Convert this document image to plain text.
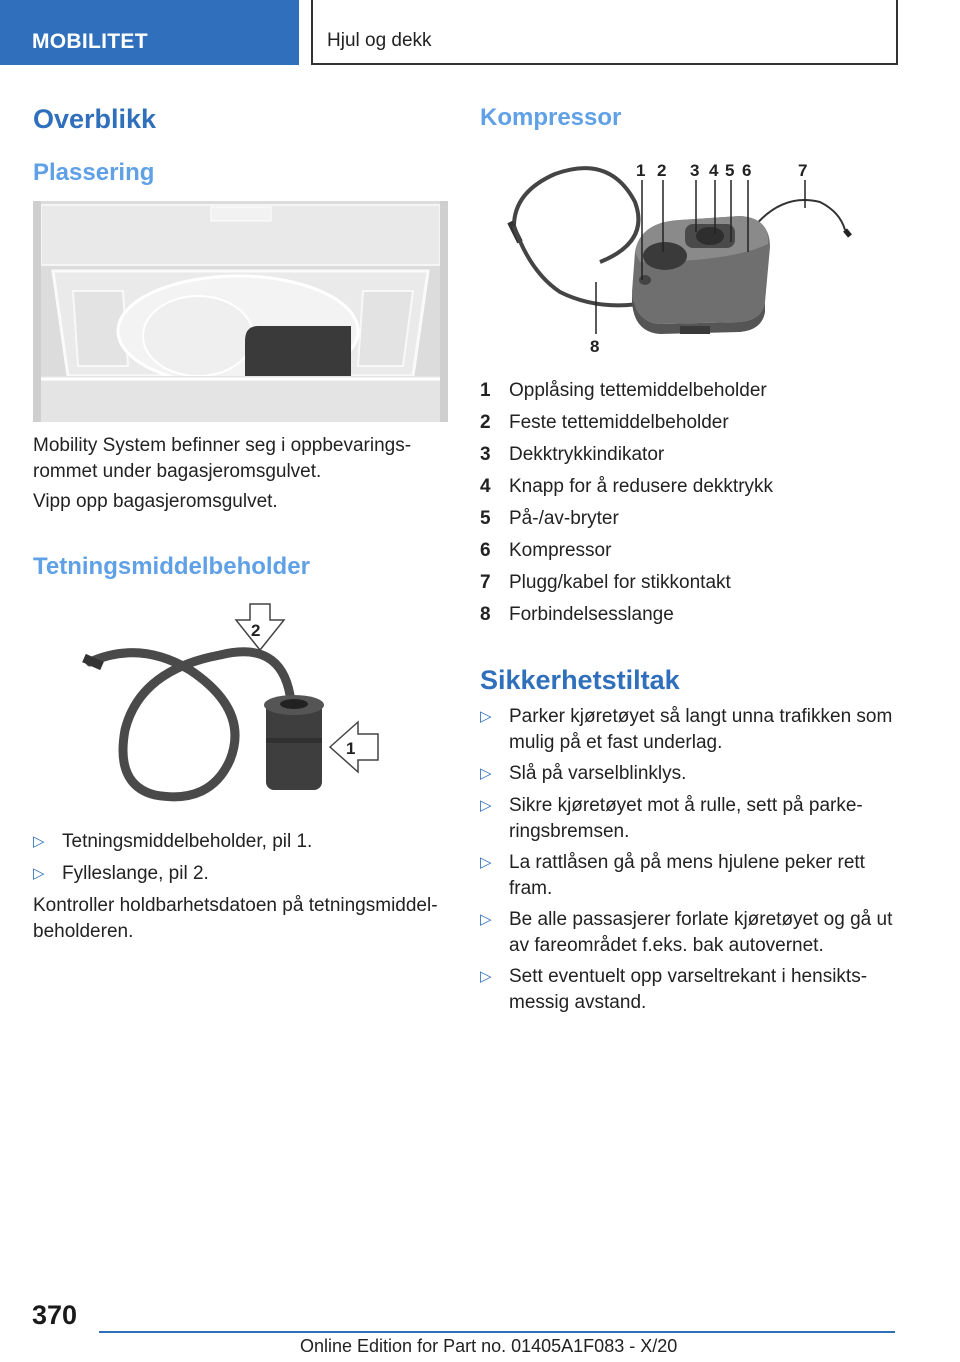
MOBILITET	Hjul og dekk
Overblikk
Plassering

Mobility System befinner seg i oppbevarings-
rommet under bagasjeromsgulvet.

Vipp opp bagasjeromsgulvet.

Tetningsmiddelbeholder
2
1
▷ Tetningsmiddelbeholder, pil 1.
▷ Fylleslange, pil 2.

Kontroller holdbarhetsdatoen på tetningsmiddel-
beholderen.

Kompressor
1 2 3 4 5 6	7
8
1 Opplåsing tettemiddelbeholder
2 Feste tettemiddelbeholder
3 Dekktrykkindikator
4 Knapp for å redusere dekktrykk
5 På-/av-bryter
6 Kompressor
7 Plugg/kabel for stikkontakt
8 Forbindelsesslange
Sikkerhetstiltak
▷ Parker kjøretøyet så langt unna trafikken som
mulig på et fast underlag.
▷ Slå på varselblinklys.
▷ Sikre kjøretøyet mot å rulle, sett på parke-
ringsbremsen.
▷ La rattlåsen gå på mens hjulene peker rett
fram.
▷ Be alle passasjerer forlate kjøretøyet og gå ut
av fareområdet f.eks. bak autovernet.
▷ Sett eventuelt opp varseltrekant i hensikts-
messig avstand.
370
Online Edition for Part no. 01405A1F083 - X/20
